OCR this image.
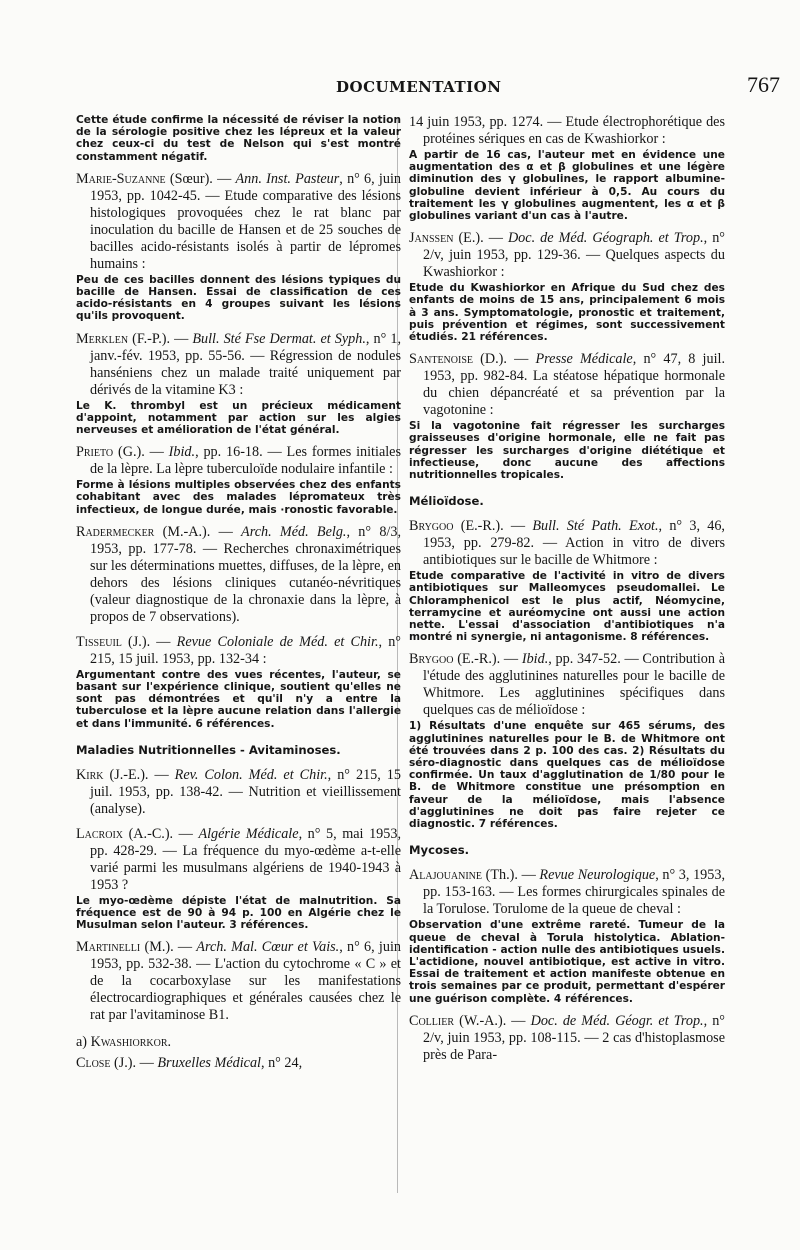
DOCUMENTATION	767

Cette étude confirme la nécessité de réviser la notion de la sérologie positive chez les lépreux et la valeur chez ceux-ci du test de Nelson qui s'est montré constamment négatif.

Marie-Suzanne (Sœur). — Ann. Inst. Pasteur, n° 6, juin 1953, pp. 1042-45. — Etude comparative des lésions histologiques provoquées chez le rat blanc par inoculation du bacille de Hansen et de 25 souches de bacilles acido-résistants isolés à partir de lépromes humains :

Peu de ces bacilles donnent des lésions typiques du bacille de Hansen. Essai de classification de ces acido-résistants en 4 groupes suivant les lésions qu'ils provoquent.

Merklen (F.-P.). — Bull. Sté Fse Dermat. et Syph., n° 1, janv.-fév. 1953, pp. 55-56. — Régression de nodules hanséniens chez un malade traité uniquement par dérivés de la vitamine K3 :

Le K. thrombyl est un précieux médicament d'appoint, notamment par action sur les algies nerveuses et amélioration de l'état général.

Prieto (G.). — Ibid., pp. 16-18. — Les formes initiales de la lèpre. La lèpre tuberculoïde nodulaire infantile :

Forme à lésions multiples observées chez des enfants cohabitant avec des malades lépromateux très infectieux, de longue durée, mais ·ronostic favorable.

Radermecker (M.-A.). — Arch. Méd. Belg., n° 8/3, 1953, pp. 177-78. — Recherches chronaximétriques sur les déterminations muettes, diffuses, de la lèpre, en dehors des lésions cliniques cutanéo-névritiques (valeur diagnostique de la chronaxie dans la lèpre, à propos de 7 observations).

Tisseuil (J.). — Revue Coloniale de Méd. et Chir., n° 215, 15 juil. 1953, pp. 132-34 :

Argumentant contre des vues récentes, l'auteur, se basant sur l'expérience clinique, soutient qu'elles ne sont pas démontrées et qu'il n'y a entre la tuberculose et la lèpre aucune relation dans l'allergie et dans l'immunité. 6 références.

Maladies Nutritionnelles - Avitaminoses.

Kirk (J.-E.). — Rev. Colon. Méd. et Chir., n° 215, 15 juil. 1953, pp. 138-42. — Nutrition et vieillissement (analyse).

Lacroix (A.-C.). — Algérie Médicale, n° 5, mai 1953, pp. 428-29. — La fréquence du myo-œdème a-t-elle varié parmi les musulmans algériens de 1940-1943 à 1953 ?

Le myo-œdème dépiste l'état de malnutrition. Sa fréquence est de 90 à 94 p. 100 en Algérie chez le Musulman selon l'auteur. 3 références.

Martinelli (M.). — Arch. Mal. Cœur et Vais., n° 6, juin 1953, pp. 532-38. — L'action du cytochrome « C » et de la cocarboxylase sur les manifestations électrocardiographiques et générales causées chez le rat par l'avitaminose B1.

a) Kwashiorkor.

Close (J.). — Bruxelles Médical, n° 24,

14 juin 1953, pp. 1274. — Etude électrophorétique des protéines sériques en cas de Kwashiorkor :

A partir de 16 cas, l'auteur met en évidence une augmentation des α et β globulines et une légère diminution des γ globulines, le rapport albumine-globuline devient inférieur à 0,5. Au cours du traitement les γ globulines augmentent, les α et β globulines variant d'un cas à l'autre.

Janssen (E.). — Doc. de Méd. Géograph. et Trop., n° 2/v, juin 1953, pp. 129-36. — Quelques aspects du Kwashiorkor :

Etude du Kwashiorkor en Afrique du Sud chez des enfants de moins de 15 ans, principalement 6 mois à 3 ans. Symptomatologie, pronostic et traitement, puis prévention et régimes, sont successivement étudiés. 21 références.

Santenoise (D.). — Presse Médicale, n° 47, 8 juil. 1953, pp. 982-84. La stéatose hépatique hormonale du chien dépancréaté et sa prévention par la vagotonine :

Si la vagotonine fait régresser les surcharges graisseuses d'origine hormonale, elle ne fait pas régresser les surcharges d'origine diététique et infectieuse, donc aucune des affections nutritionnelles tropicales.

Mélioïdose.

Brygoo (E.-R.). — Bull. Sté Path. Exot., n° 3, 46, 1953, pp. 279-82. — Action in vitro de divers antibiotiques sur le bacille de Whitmore :

Etude comparative de l'activité in vitro de divers antibiotiques sur Malleomyces pseudomallei. Le Chloramphenicol est le plus actif, Néomycine, terramycine et auréomycine ont aussi une action nette. L'essai d'association d'antibiotiques n'a montré ni synergie, ni antagonisme. 8 références.

Brygoo (E.-R.). — Ibid., pp. 347-52. — Contribution à l'étude des agglutinines naturelles pour le bacille de Whitmore. Les agglutinines spécifiques dans quelques cas de mélioïdose :

1) Résultats d'une enquête sur 465 sérums, des agglutinines naturelles pour le B. de Whitmore ont été trouvées dans 2 p. 100 des cas. 2) Résultats du séro-diagnostic dans quelques cas de mélioïdose confirmée. Un taux d'agglutination de 1/80 pour le B. de Whitmore constitue une présomption en faveur de la mélioïdose, mais l'absence d'agglutinines ne doit pas faire rejeter ce diagnostic. 7 références.

Mycoses.

Alajouanine (Th.). — Revue Neurologique, n° 3, 1953, pp. 153-163. — Les formes chirurgicales spinales de la Torulose. Torulome de la queue de cheval :

Observation d'une extrême rareté. Tumeur de la queue de cheval à Torula histolytica. Ablation-identification - action nulle des antibiotiques usuels. L'actidione, nouvel antibiotique, est active in vitro. Essai de traitement et action manifeste obtenue en trois semaines par ce produit, permettant d'espérer une guérison complète. 4 références.

Collier (W.-A.). — Doc. de Méd. Géogr. et Trop., n° 2/v, juin 1953, pp. 108-115. — 2 cas d'histoplasmose près de Para-
